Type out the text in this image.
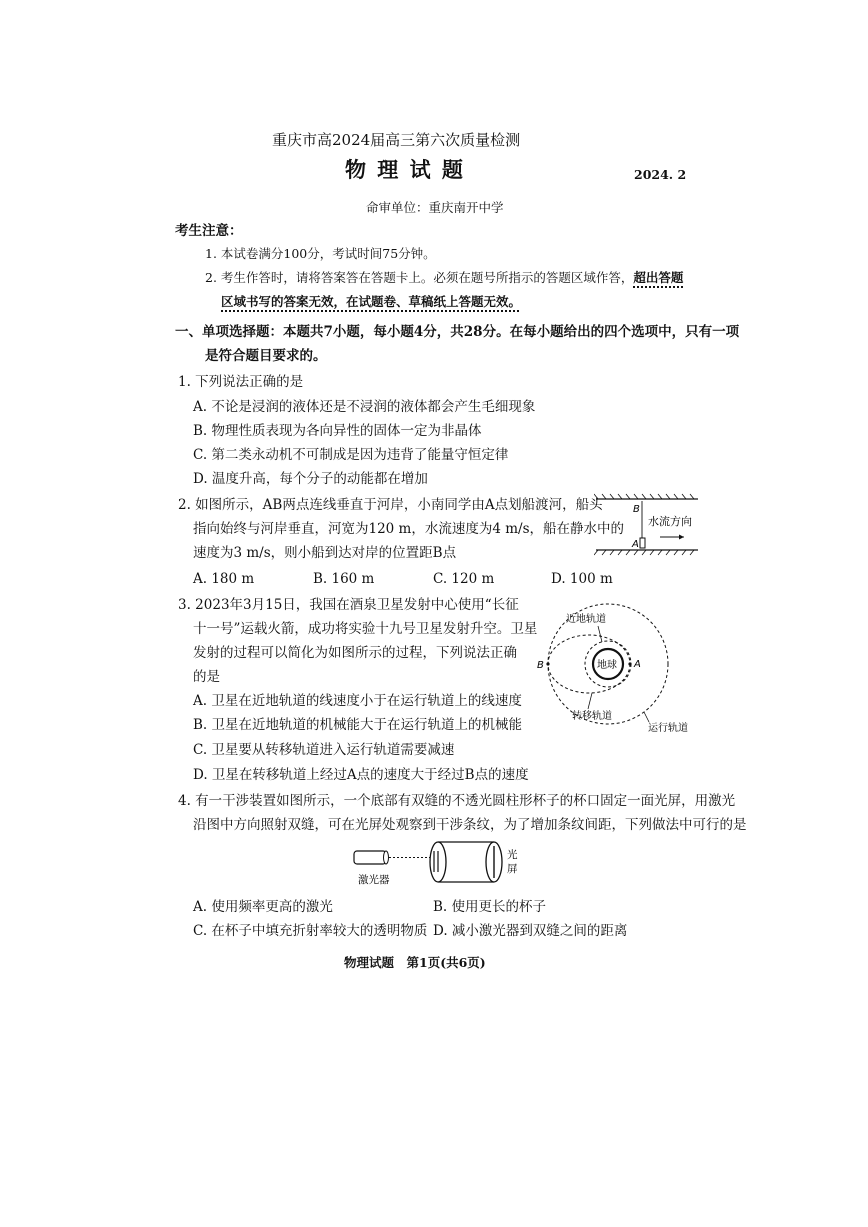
重庆市高2024届高三第六次质量检测
物 理 试 题	2024. 2
命审单位：重庆南开中学
考生注意：
1. 本试卷满分100分，考试时间75分钟。
2. 考生作答时，请将答案答在答题卡上。必须在题号所指示的答题区域作答，超出答题
区域书写的答案无效，在试题卷、草稿纸上答题无效。
一、单项选择题：本题共7小题，每小题4分，共28分。在每小题给出的四个选项中，只有一项
是符合题目要求的。
1. 下列说法正确的是
A. 不论是浸润的液体还是不浸润的液体都会产生毛细现象
B. 物理性质表现为各向异性的固体一定为非晶体
C. 第二类永动机不可制成是因为违背了能量守恒定律
D. 温度升高，每个分子的动能都在增加
2. 如图所示，AB两点连线垂直于河岸，小南同学由A点划船渡河，船头
指向始终与河岸垂直，河宽为120 m，水流速度为4 m/s，船在静水中的
速度为3 m/s，则小船到达对岸的位置距B点
A. 180 m	B. 160 m	C. 120 m	D. 100 m
B
A
水流方向
3. 2023年3月15日，我国在酒泉卫星发射中心使用“长征
十一号”运载火箭，成功将实验十九号卫星发射升空。卫星
发射的过程可以简化为如图所示的过程，下列说法正确
的是
A. 卫星在近地轨道的线速度小于在运行轨道上的线速度
B. 卫星在近地轨道的机械能大于在运行轨道上的机械能
C. 卫星要从转移轨道进入运行轨道需要减速
D. 卫星在转移轨道上经过A点的速度大于经过B点的速度
地球 A
B
近地轨道
转移轨道
运行轨道
4. 有一干涉装置如图所示，一个底部有双缝的不透光圆柱形杯子的杯口固定一面光屏，用激光
沿图中方向照射双缝，可在光屏处观察到干涉条纹，为了增加条纹间距，下列做法中可行的是
激光器
光
屏
A. 使用频率更高的激光	B. 使用更长的杯子
C. 在杯子中填充折射率较大的透明物质 D. 减小激光器到双缝之间的距离
物理试题　第1页(共6页)
